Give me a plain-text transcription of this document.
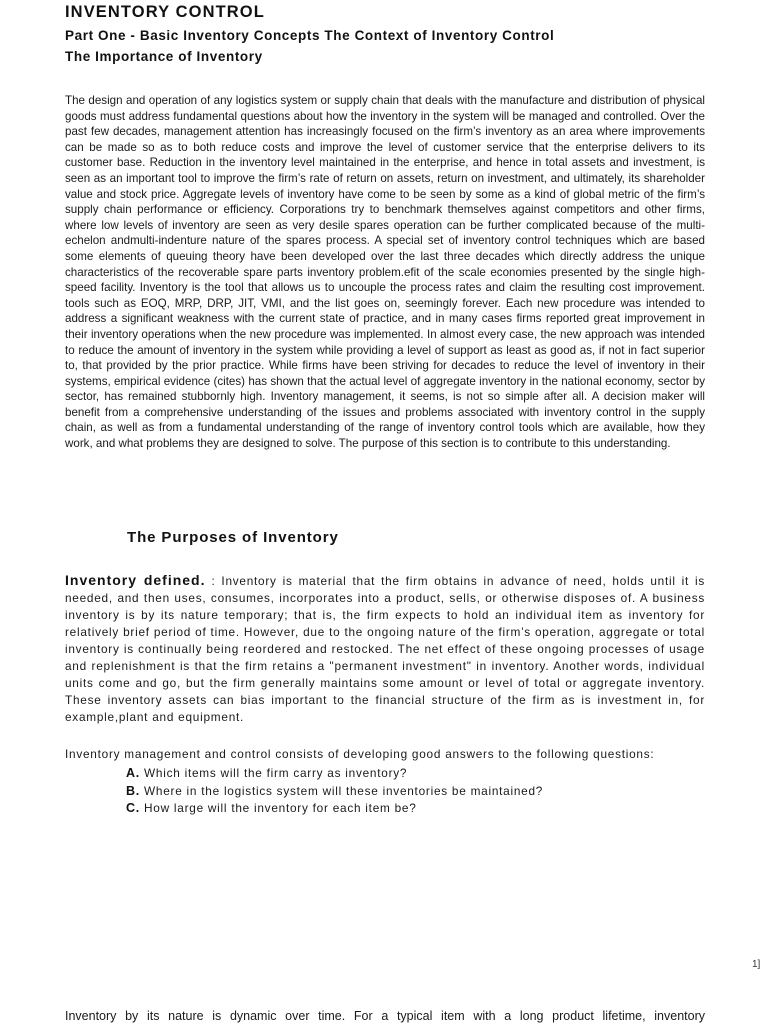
INVENTORY CONTROL
Part One - Basic Inventory Concepts The Context of Inventory Control
The Importance of Inventory

The design and operation of any logistics system or supply chain that deals with the manufacture and distribution of physical goods must address fundamental questions about how the inventory in the system will be managed and controlled. Over the past few decades, management attention has increasingly focused on the firm’s inventory as an area where improvements can be made so as to both reduce costs and improve the level of customer service that the enterprise delivers to its customer base. Reduction in the inventory level maintained in the enterprise, and hence in total assets and investment, is seen as an important tool to improve the firm’s rate of return on assets, return on investment, and ultimately, its shareholder value and stock price. Aggregate levels of inventory have come to be seen by some as a kind of global metric of the firm’s supply chain performance or efficiency. Corporations try to benchmark themselves against competitors and other firms, where low levels of inventory are seen as very desile spares operation can be further complicated because of the multi-echelon andmulti-indenture nature of the spares process. A special set of inventory control techniques which are based some elements of queuing theory have been developed over the last three decades which directly address the unique characteristics of the recoverable spare parts inventory problem.efit of the scale economies presented by the single high-speed facility. Inventory is the tool that allows us to uncouple the process rates and claim the resulting cost improvement. tools such as EOQ, MRP, DRP, JIT, VMI, and the list goes on, seemingly forever. Each new procedure was intended to address a significant weakness with the current state of practice, and in many cases firms reported great improvement in their inventory operations when the new procedure was implemented. In almost every case, the new approach was intended to reduce the amount of inventory in the system while providing a level of support as least as good as, if not in fact superior to, that provided by the prior practice. While firms have been striving for decades to reduce the level of inventory in their systems, empirical evidence (cites) has shown that the actual level of aggregate inventory in the national economy, sector by sector, has remained stubbornly high. Inventory management, it seems, is not so simple after all. A decision maker will benefit from a comprehensive understanding of the issues and problems associated with inventory control in the supply chain, as well as from a fundamental understanding of the range of inventory control tools which are available, how they work, and what problems they are designed to solve. The purpose of this section is to contribute to this understanding.

The Purposes of Inventory

Inventory defined. : Inventory is material that the firm obtains in advance of need, holds until it is needed, and then uses, consumes, incorporates into a product, sells, or otherwise disposes of. A business inventory is by its nature temporary; that is, the firm expects to hold an individual item as inventory for relatively brief period of time. However, due to the ongoing nature of the firm’s operation, aggregate or total inventory is continually being reordered and restocked. The net effect of these ongoing processes of usage and replenishment is that the firm retains a "permanent investment" in inventory. Another words, individual units come and go, but the firm generally maintains some amount or level of total or aggregate inventory. These inventory assets can bias important to the financial structure of the firm as is investment in, for example,plant and equipment.

Inventory management and control consists of developing good answers to the following questions:

A. Which items will the firm carry as inventory?
B. Where in the logistics system will these inventories be maintained?
C. How large will the inventory for each item be?

1]

Inventory by its nature is dynamic over time. For a typical item with a long product lifetime, inventory
